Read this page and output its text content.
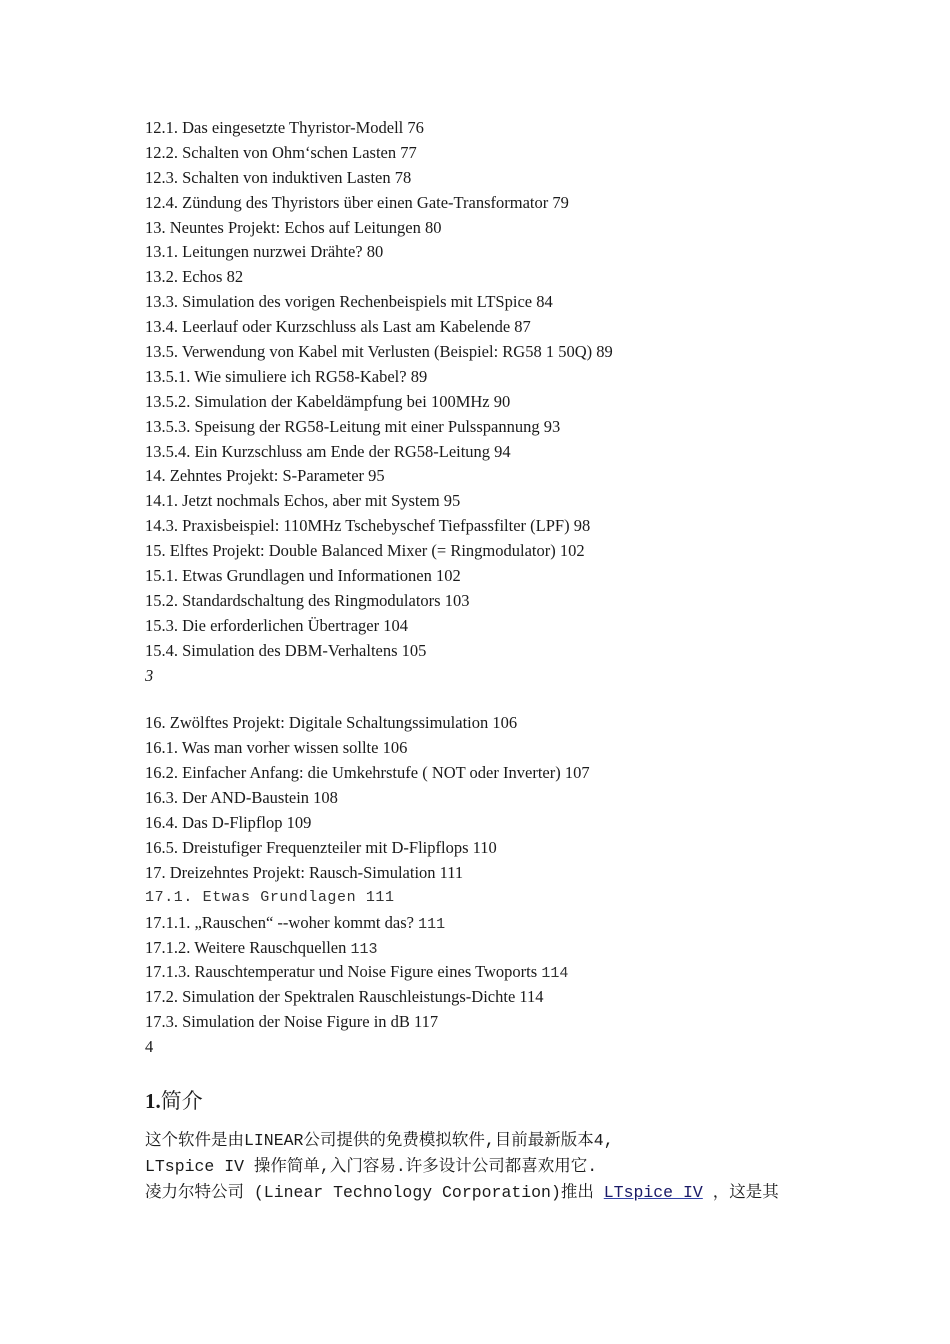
12.1. Das eingesetzte Thyristor-Modell 76
12.2. Schalten von Ohm‘schen Lasten 77
12.3. Schalten von induktiven Lasten 78
12.4. Zündung des Thyristors über einen Gate-Transformator 79
13. Neuntes Projekt: Echos auf Leitungen 80
13.1. Leitungen nurzwei Drähte? 80
13.2. Echos 82
13.3. Simulation des vorigen Rechenbeispiels mit LTSpice 84
13.4. Leerlauf oder Kurzschluss als Last am Kabelende 87
13.5. Verwendung von Kabel mit Verlusten (Beispiel: RG58 1 50Q) 89
13.5.1. Wie simuliere ich RG58-Kabel? 89
13.5.2. Simulation der Kabeldämpfung bei 100MHz 90
13.5.3. Speisung der RG58-Leitung mit einer Pulsspannung 93
13.5.4. Ein Kurzschluss am Ende der RG58-Leitung 94
14. Zehntes Projekt: S-Parameter 95
14.1. Jetzt nochmals Echos, aber mit System 95
14.3. Praxisbeispiel: 110MHz Tschebyschef Tiefpassfilter (LPF) 98
15. Elftes Projekt: Double Balanced Mixer (= Ringmodulator) 102
15.1. Etwas Grundlagen und Informationen 102
15.2. Standardschaltung des Ringmodulators 103
15.3. Die erforderlichen Übertrager 104
15.4. Simulation des DBM-Verhaltens 105
3
16. Zwölftes Projekt: Digitale Schaltungssimulation 106
16.1. Was man vorher wissen sollte 106
16.2. Einfacher Anfang: die Umkehrstufe ( NOT oder Inverter) 107
16.3. Der AND-Baustein 108
16.4. Das D-Flipflop 109
16.5. Dreistufiger Frequenzteiler mit D-Flipflops 110
17. Dreizehntes Projekt: Rausch-Simulation 111
17.1. Etwas Grundlagen 111
17.1.1. „Rauschen“ --woher kommt das? 111
17.1.2. Weitere Rauschquellen 113
17.1.3. Rauschtemperatur und Noise Figure eines Twoports 114
17.2. Simulation der Spektralen Rauschleistungs-Dichte 114
17.3. Simulation der Noise Figure in dB 117
4
1.简介
这个软件是由LINEAR公司提供的免费模拟软件,目前最新版本4,
LTspice IV 操作简单,入门容易.许多设计公司都喜欢用它.
凌力尔特公司 (Linear Technology Corporation)推出 LTspice IV ，这是其
